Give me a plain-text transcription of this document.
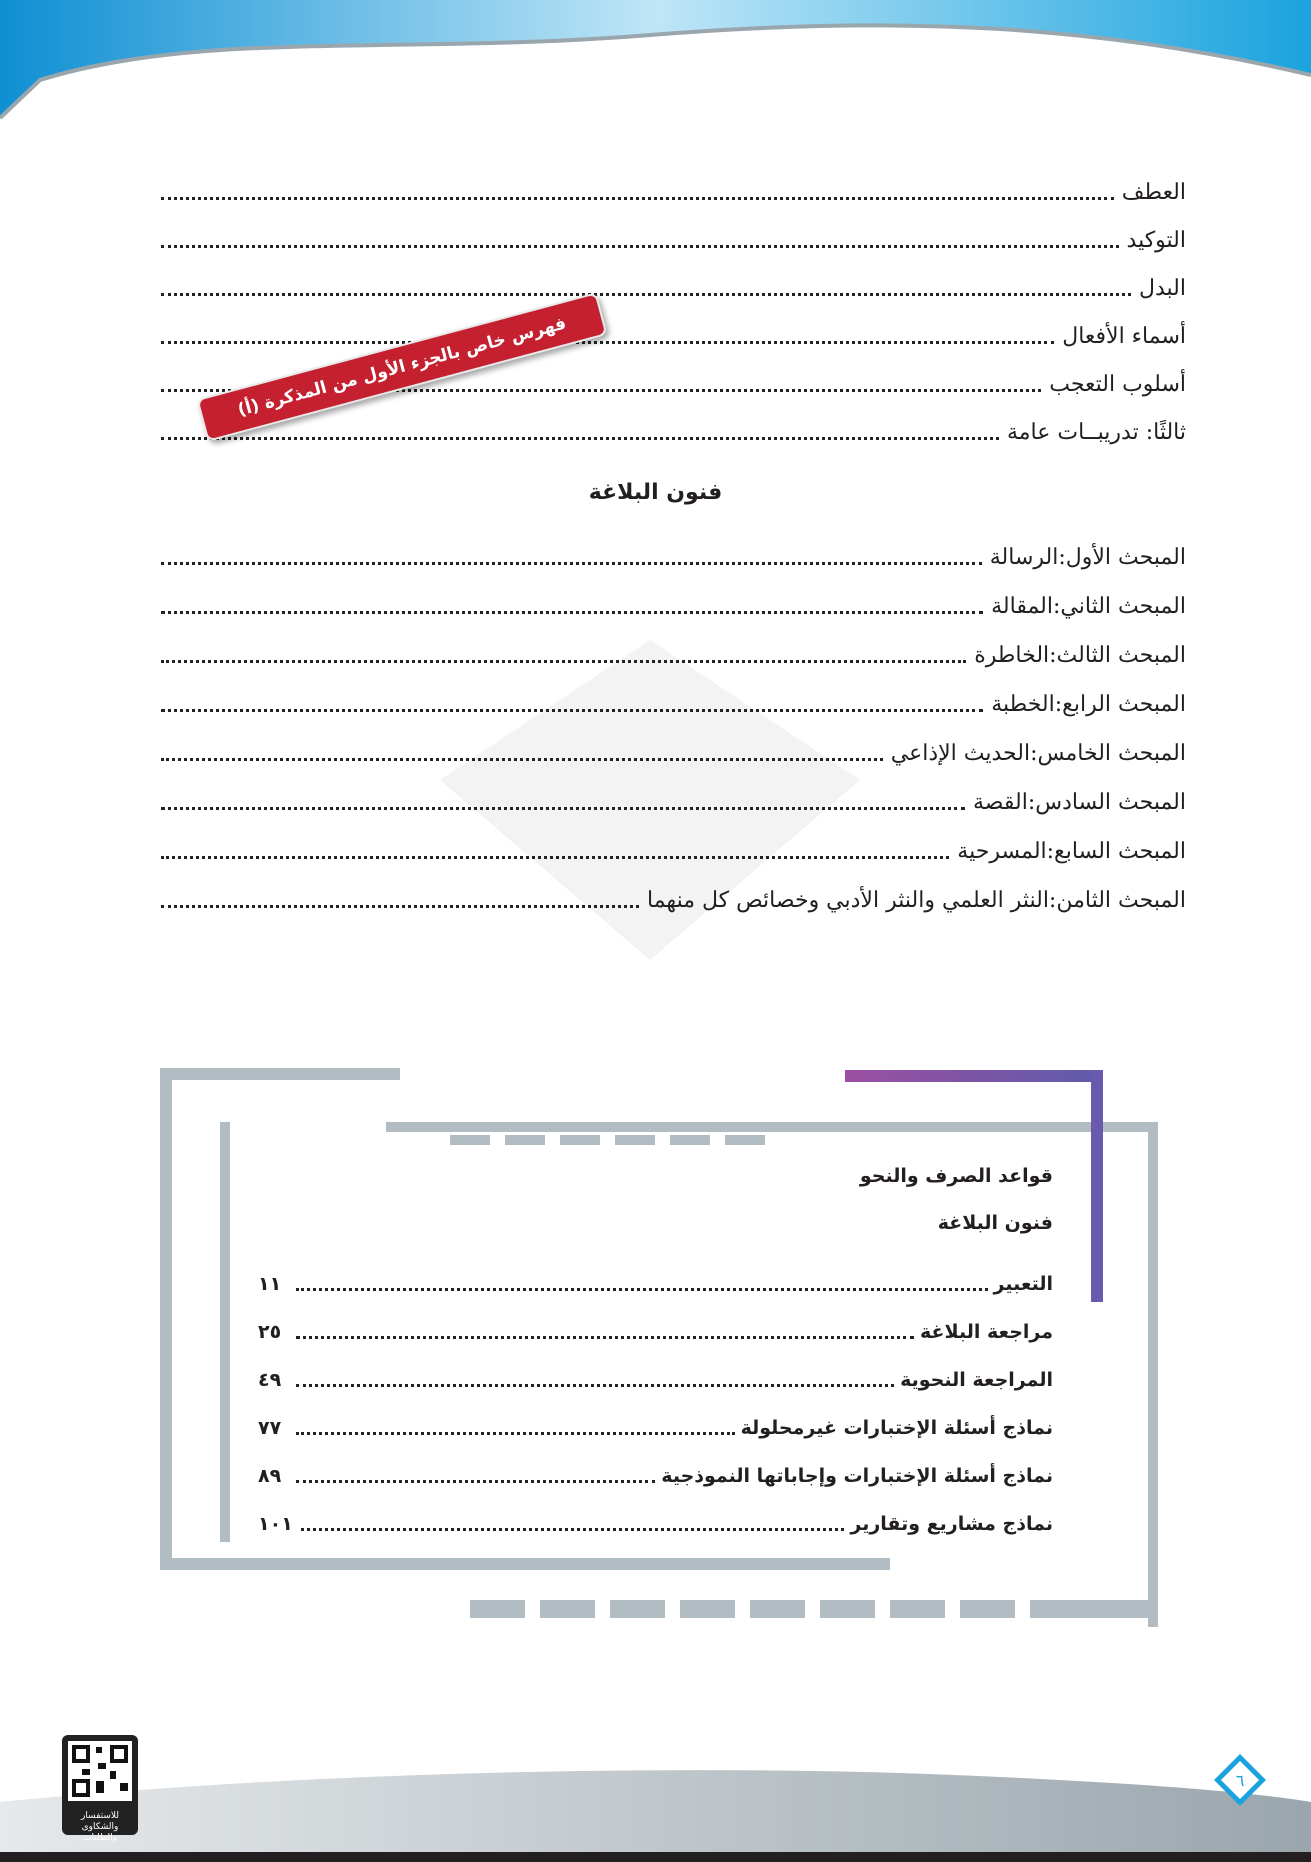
العطف
التوكيد
البدل
أسماء الأفعال
أسلوب التعجب
ثالثًا: تدريبــات عامة
فهرس خاص بالجزء الأول من المذكرة (أ)
فنون البلاغة
المبحث الأول:الرسالة
المبحث الثاني:المقالة
المبحث الثالث:الخاطرة
المبحث الرابع:الخطبة
المبحث الخامس:الحديث الإذاعي
المبحث السادس:القصة
المبحث السابع:المسرحية
المبحث الثامن:النثر العلمي والنثر الأدبي وخصائص كل منهما
قواعد الصرف والنحو
فنون البلاغة
التعبير
١١
مراجعة البلاغة
٢٥
المراجعة النحوية
٤٩
نماذج أسئلة الإختبارات غيرمحلولة
٧٧
نماذج أسئلة الإختبارات وإجاباتها النموذجية
٨٩
نماذج مشاريع وتقارير
١٠١
للاستفسار والشكاوى والطلبات
٦
